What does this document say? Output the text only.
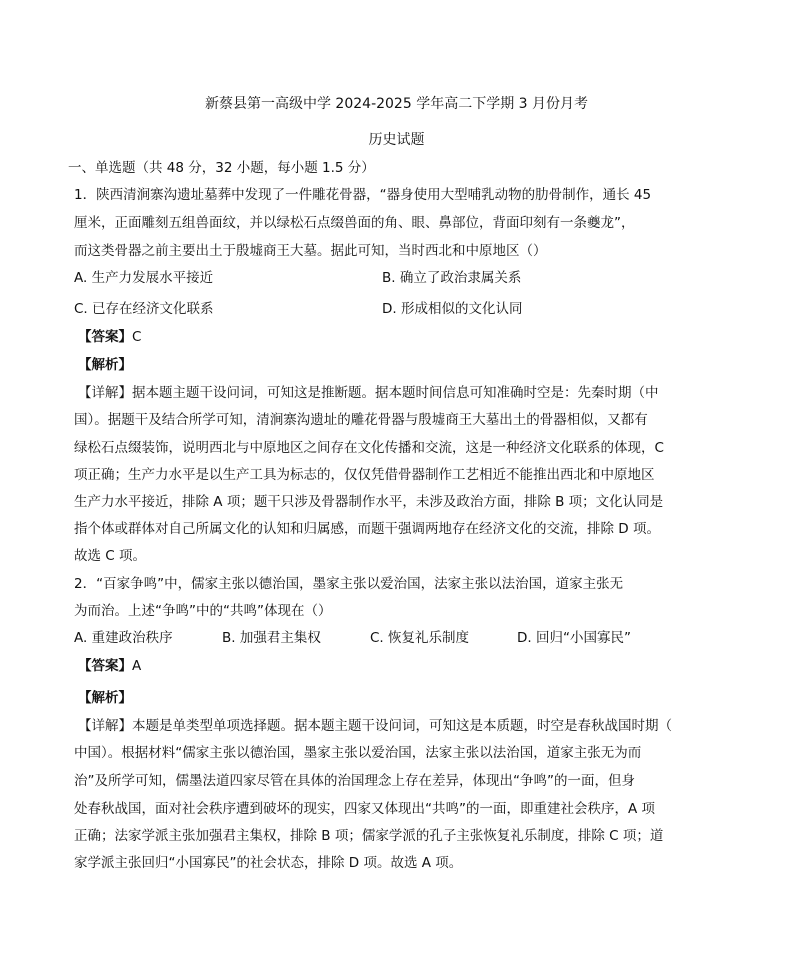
新蔡县第一高级中学 2024-2025 学年高二下学期 3 月份月考
历史试题
一、单选题（共 48 分，32 小题，每小题 1.5 分）
1．陕西清涧寨沟遗址墓葬中发现了一件雕花骨器，“器身使用大型哺乳动物的肋骨制作，通长 45
厘米，正面雕刻五组兽面纹，并以绿松石点缀兽面的角、眼、鼻部位，背面印刻有一条夔龙”，
而这类骨器之前主要出土于殷墟商王大墓。据此可知，当时西北和中原地区（）
A. 生产力发展水平接近	B. 确立了政治隶属关系
C. 已存在经济文化联系	D. 形成相似的文化认同
【答案】C
【解析】
【详解】据本题主题干设问词，可知这是推断题。据本题时间信息可知准确时空是：先秦时期（中
国）。据题干及结合所学可知，清涧寨沟遗址的雕花骨器与殷墟商王大墓出土的骨器相似，又都有
绿松石点缀装饰，说明西北与中原地区之间存在文化传播和交流，这是一种经济文化联系的体现，C
项正确；生产力水平是以生产工具为标志的，仅仅凭借骨器制作工艺相近不能推出西北和中原地区
生产力水平接近，排除 A 项；题干只涉及骨器制作水平，未涉及政治方面，排除 B 项；文化认同是
指个体或群体对自己所属文化的认知和归属感，而题干强调两地存在经济文化的交流，排除 D 项。
故选 C 项。
2．“百家争鸣”中，儒家主张以德治国，墨家主张以爱治国，法家主张以法治国，道家主张无
为而治。上述“争鸣”中的“共鸣”体现在（）
A. 重建政治秩序	B. 加强君主集权	C. 恢复礼乐制度	D. 回归“小国寡民”
【答案】A
【解析】
【详解】本题是单类型单项选择题。据本题主题干设问词，可知这是本质题，时空是春秋战国时期（
中国）。根据材料“儒家主张以德治国，墨家主张以爱治国，法家主张以法治国，道家主张无为而
治”及所学可知，儒墨法道四家尽管在具体的治国理念上存在差异，体现出“争鸣”的一面，但身
处春秋战国，面对社会秩序遭到破坏的现实，四家又体现出“共鸣”的一面，即重建社会秩序，A 项
正确；法家学派主张加强君主集权，排除 B 项；儒家学派的孔子主张恢复礼乐制度，排除 C 项；道
家学派主张回归“小国寡民”的社会状态，排除 D 项。故选 A 项。
